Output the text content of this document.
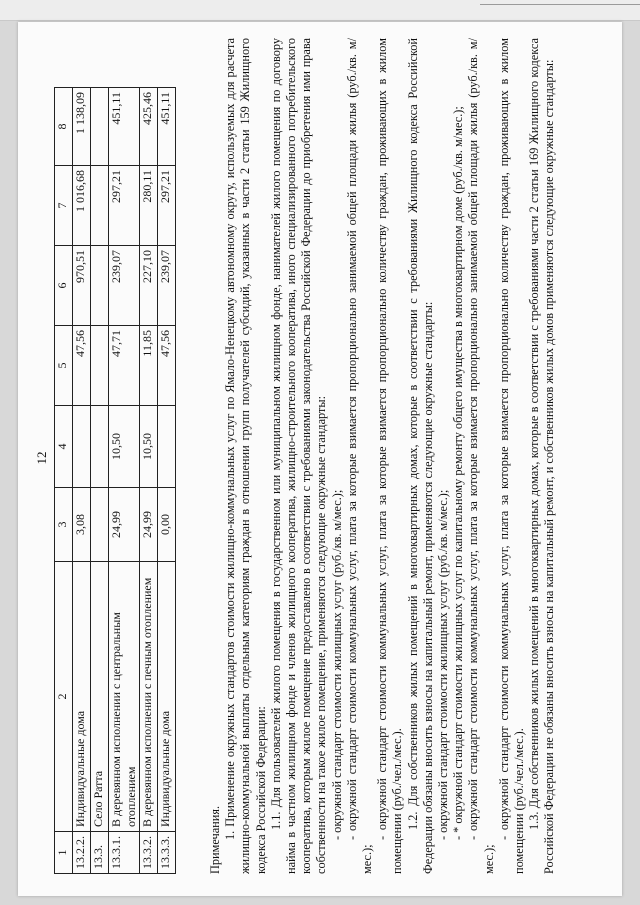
12
1	2	3	4	5	6	7	8
13.2.2.	Индивидуальные дома	3,08		47,56	970,51	1 016,68	1 138,09
13.3.	Село Ратта						
13.3.1.	В деревянном исполнении с центральным отоплением	24,99	10,50	47,71	239,07	297,21	451,11
13.3.2.	В деревянном исполнении с печным отоплением	24,99	10,50	11,85	227,10	280,11	425,46
13.3.3.	Индивидуальные дома	0,00		47,56	239,07	297,21	451,11

Примечания. 1. Применение окружных стандартов стоимости жилищно-коммунальных услуг по Ямало-Ненецкому автономному округу, используемых для расчета жилищно-коммунальной выплаты отдельным категориям граждан в отношении групп получателей субсидий, указанных в части 2 статьи 159 Жилищного кодекса Российской Федерации: 1.1. Для пользователей жилого помещения в государственном или муниципальном жилищном фонде, нанимателей жилого помещения по договору найма в частном жилищном фонде и членов жилищного кооператива, жилищно-строительного кооператива, иного специализированного потребительского кооператива, которым жилое помещение предоставлено в соответствии с требованиями законодательства Российской Федерации до приобретения ими права собственности на такое жилое помещение, применяются следующие окружные стандарты: - окружной стандарт стоимости жилищных услуг (руб./кв. м/мес.); - окружной стандарт стоимости коммунальных услуг, плата за которые взимается пропорционально занимаемой общей площади жилья (руб./кв. м/мес.);

- окружной стандарт стоимости коммунальных услуг, плата за которые взимается пропорционально количеству граждан, проживающих в жилом помещении (руб./чел./мес.). 1.2. Для собственников жилых помещений в многоквартирных домах, которые в соответствии с требованиями Жилищного кодекса Российской Федерации обязаны вносить взносы на капитальный ремонт, применяются следующие окружные стандарты: - окружной стандарт стоимости жилищных услуг (руб./кв. м/мес.); - * окружной стандарт стоимости жилищных услуг по капитальному ремонту общего имущества в многоквартирном доме (руб./кв. м/мес.); - окружной стандарт стоимости коммунальных услуг, плата за которые взимается пропорционально занимаемой общей площади жилья (руб./кв. м/мес.);

- окружной стандарт стоимости коммунальных услуг, плата за которые взимается пропорционально количеству граждан, проживающих в жилом помещении (руб./чел./мес.). 1.3. Для собственников жилых помещений в многоквартирных домах, которые в соответствии с требованиями части 2 статьи 169 Жилищного кодекса Российской Федерации не обязаны вносить взносы на капитальный ремонт, и собственников жилых домов применяются следующие окружные стандарты:
